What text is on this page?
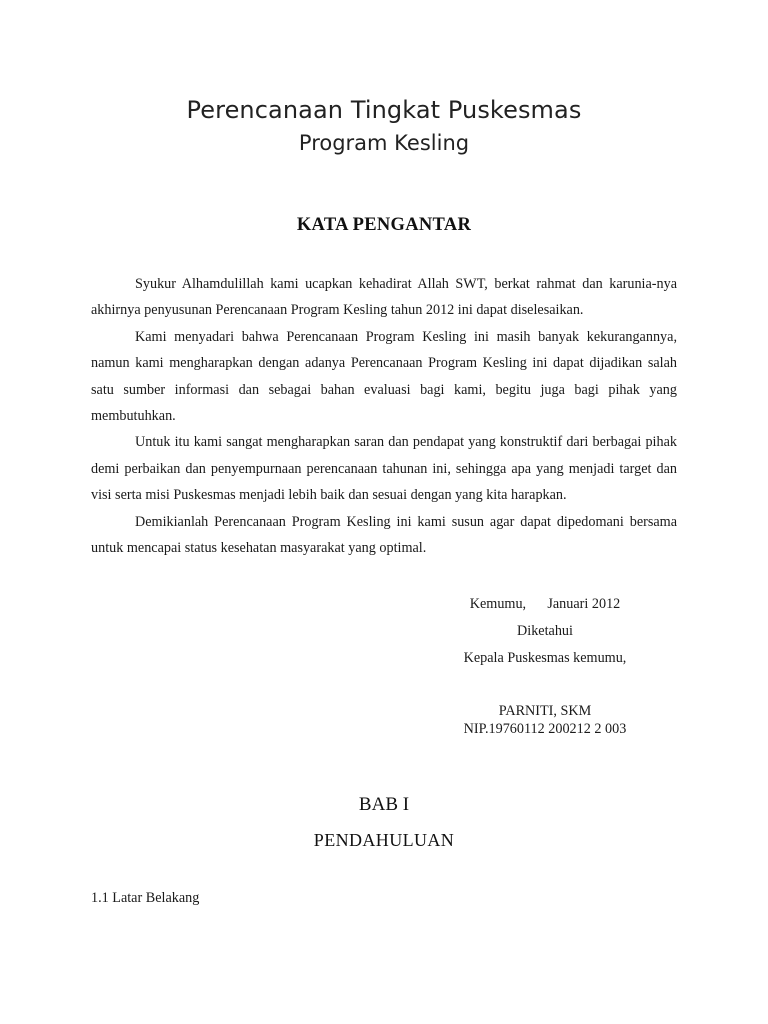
Perencanaan Tingkat Puskesmas
Program Kesling
KATA PENGANTAR

Syukur Alhamdulillah kami ucapkan kehadirat Allah SWT, berkat rahmat dan karunia-nya akhirnya penyusunan Perencanaan Program Kesling tahun 2012 ini dapat diselesaikan.

Kami menyadari bahwa Perencanaan Program Kesling ini masih banyak kekurangannya, namun kami mengharapkan dengan adanya Perencanaan Program Kesling ini dapat dijadikan salah satu sumber informasi dan sebagai bahan evaluasi bagi kami, begitu juga bagi pihak yang membutuhkan.

Untuk itu kami sangat mengharapkan saran dan pendapat yang konstruktif dari berbagai pihak demi perbaikan dan penyempurnaan perencanaan tahunan ini, sehingga apa yang menjadi target dan visi serta misi Puskesmas menjadi lebih baik dan sesuai dengan yang kita harapkan.

Demikianlah Perencanaan Program Kesling ini kami susun agar dapat dipedomani bersama untuk mencapai status kesehatan masyarakat yang optimal.

Kemumu,      Januari 2012
Diketahui
Kepala Puskesmas kemumu,
PARNITI, SKM
NIP.19760112 200212 2 003
BAB I
PENDAHULUAN
1.1 Latar Belakang
